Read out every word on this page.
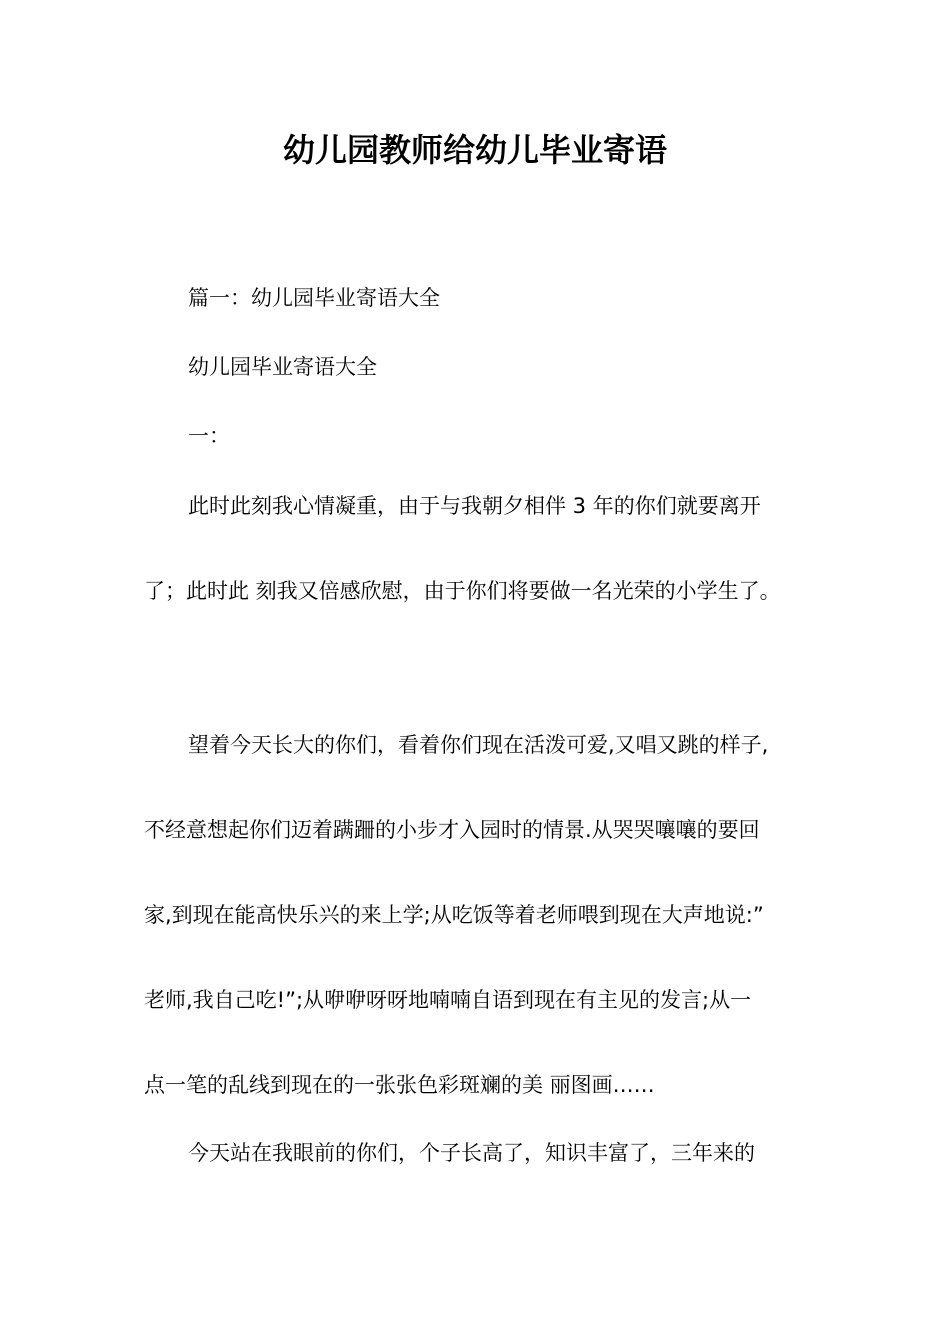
幼儿园教师给幼儿毕业寄语

篇一：幼儿园毕业寄语大全

幼儿园毕业寄语大全

一：

此时此刻我心情凝重，由于与我朝夕相伴 3 年的你们就要离开

了；此时此 刻我又倍感欣慰，由于你们将要做一名光荣的小学生了。

望着今天长大的你们，看着你们现在活泼可爱,又唱又跳的样子,

不经意想起你们迈着蹒跚的小步才入园时的情景.从哭哭嚷嚷的要回

家,到现在能高快乐兴的来上学;从吃饭等着老师喂到现在大声地说:”

老师,我自己吃!”;从咿咿呀呀地喃喃自语到现在有主见的发言;从一

点一笔的乱线到现在的一张张色彩斑斓的美 丽图画……

今天站在我眼前的你们，个子长高了，知识丰富了，三年来的
